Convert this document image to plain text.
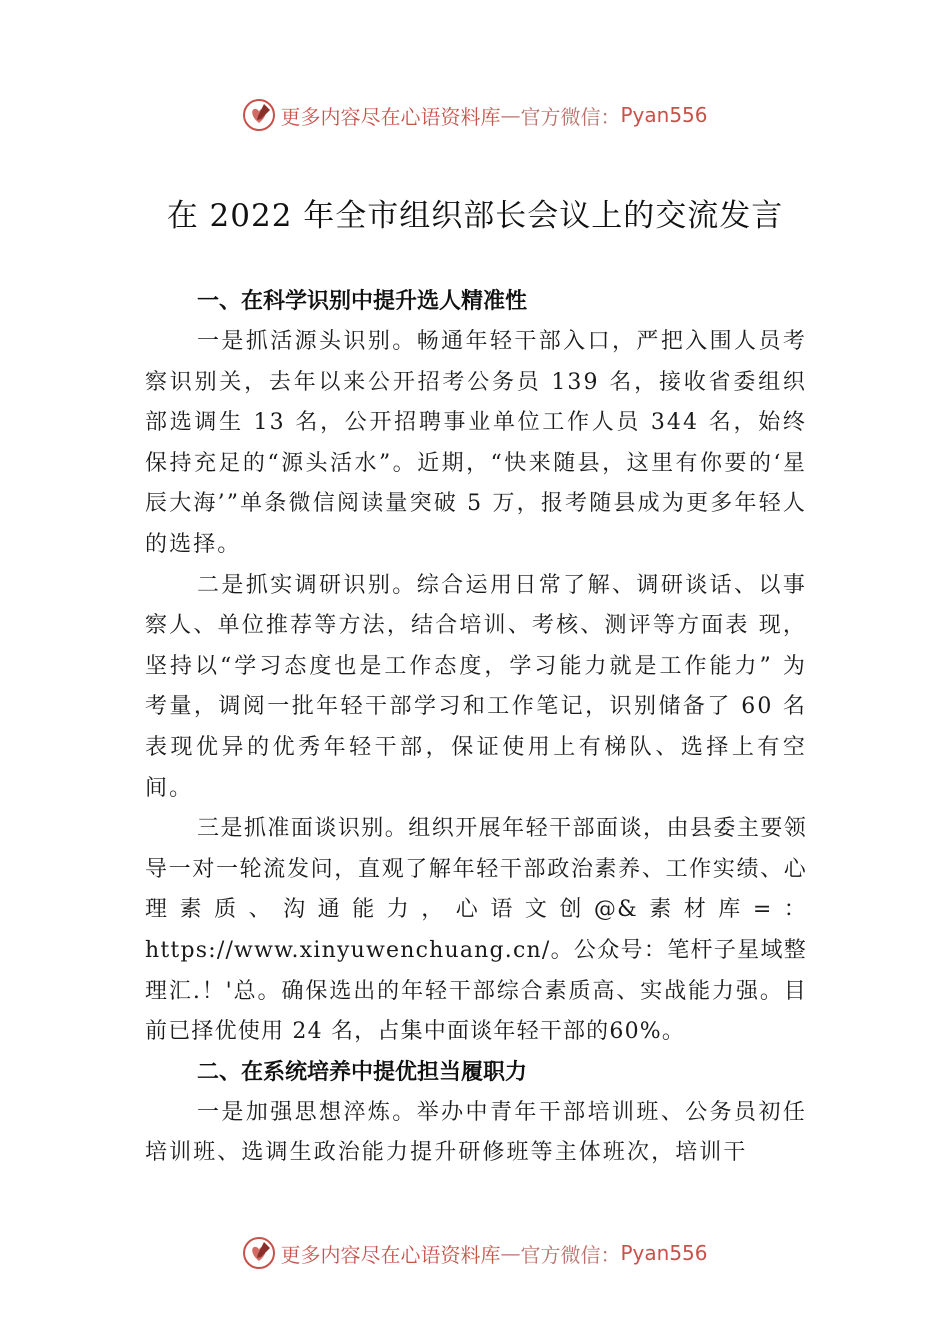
更多内容尽在心语资料库 — 官方微信： Pyan556
在 2022 年全市组织部长会议上的交流发言
一、在科学识别中提升选人精准性

一是抓活源头识别。畅通年轻干部入口，严把入围人员考察识别关，去年以来公开招考公务员 139 名，接收省委组织部选调生 13 名，公开招聘事业单位工作人员 344 名，始终保持充足的“源头活水”。近期，“快来随县，这里有你要的‘星辰大海’”单条微信阅读量突破 5 万，报考随县成为更多年轻人的选择。

二是抓实调研识别。综合运用日常了解、调研谈话、以事察人、单位推荐等方法，结合培训、考核、测评等方面表 现，坚持以“学习态度也是工作态度，学习能力就是工作能力” 为考量，调阅一批年轻干部学习和工作笔记，识别储备了 60 名表现优异的优秀年轻干部，保证使用上有梯队、选择上有空间。

三是抓准面谈识别。组织开展年轻干部面谈，由县委主要领导一对一轮流发问，直观了解年轻干部政治素养、工作实绩、心理素质、沟通能力，心语文创@&素材库=：https://www.xinyuwenchuang.cn/。公众号：笔杆子星域整理汇.！'总。确保选出的年轻干部综合素质高、实战能力强。目前已择优使用 24 名，占集中面谈年轻干部的60%。

二、在系统培养中提优担当履职力

一是加强思想淬炼。举办中青年干部培训班、公务员初任培训班、选调生政治能力提升研修班等主体班次，培训干

更多内容尽在心语资料库 — 官方微信： Pyan556
